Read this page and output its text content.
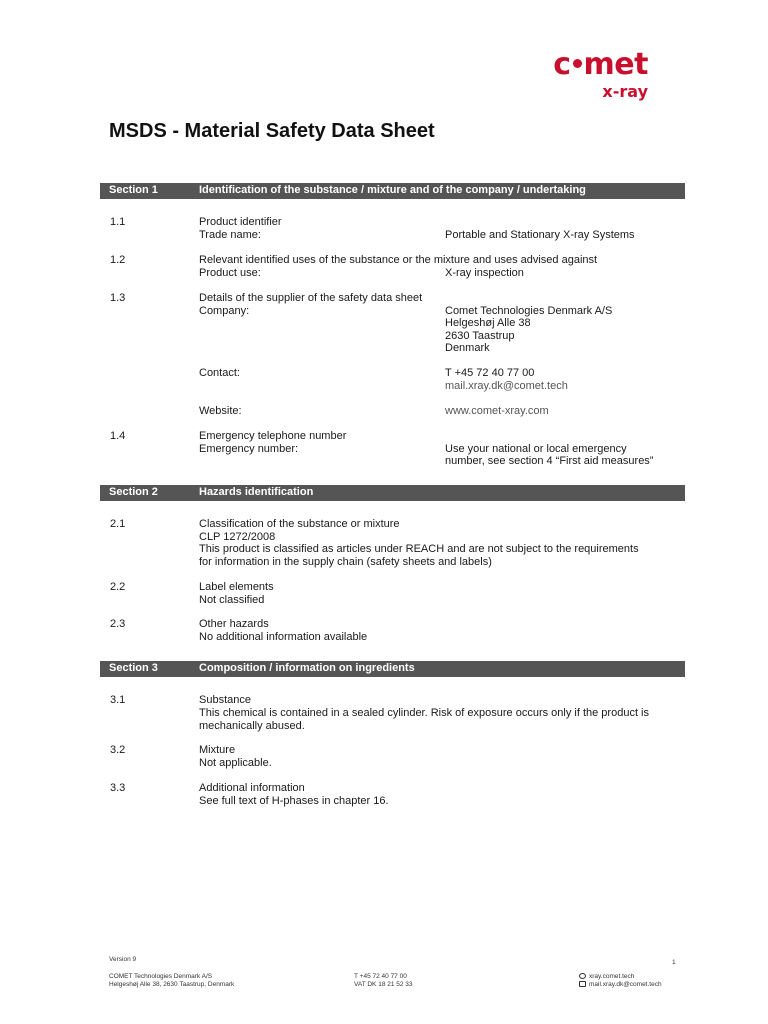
c met
x-ray
MSDS - Material Safety Data Sheet
Section 1	Identification of the substance / mixture and of the company / undertaking
1.1	Product identifier
Trade name:	Portable and Stationary X-ray Systems
1.2	Relevant identified uses of the substance or the mixture and uses advised against
Product use:	X-ray inspection
1.3	Details of the supplier of the safety data sheet
Company:	Comet Technologies Denmark A/S
Helgeshøj Alle 38
2630 Taastrup
Denmark
Contact:	T +45 72 40 77 00
mail.xray.dk@comet.tech
Website:	www.comet-xray.com
1.4	Emergency telephone number
Emergency number:	Use your national or local emergency
number, see section 4 “First aid measures”
Section 2	Hazards identification
2.1	Classification of the substance or mixture
CLP 1272/2008
This product is classified as articles under REACH and are not subject to the requirements
for information in the supply chain (safety sheets and labels)
2.2	Label elements
Not classified
2.3	Other hazards
No additional information available
Section 3	Composition / information on ingredients
3.1	Substance
This chemical is contained in a sealed cylinder. Risk of exposure occurs only if the product is
mechanically abused.
3.2	Mixture
Not applicable.
3.3	Additional information
See full text of H-phases in chapter 16.
Version 9	1
COMET Technologies Denmark A/S
Helgeshøj Alle 38, 2630 Taastrup, Denmark
T +45 72 40 77 00
VAT DK 18 21 52 33
xray.comet.tech
mail.xray.dk@comet.tech
